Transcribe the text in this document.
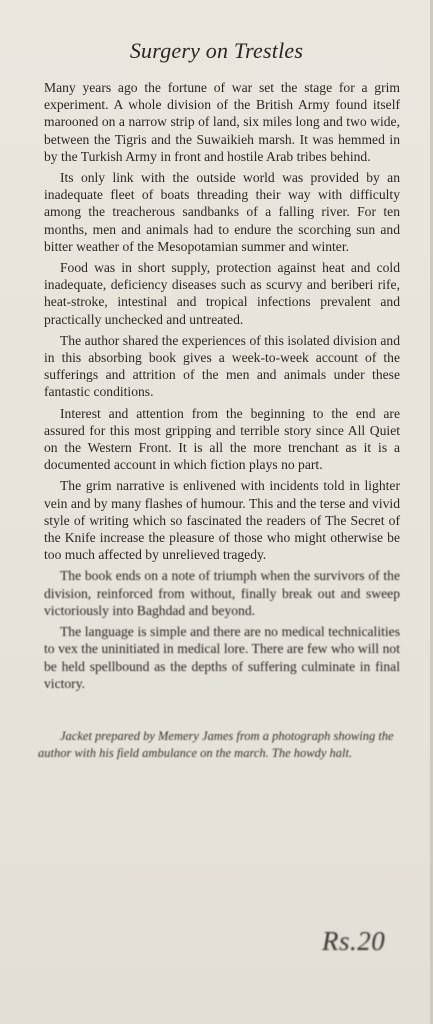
Surgery on Trestles

Many years ago the fortune of war set the stage for a grim experiment. A whole division of the British Army found itself marooned on a narrow strip of land, six miles long and two wide, between the Tigris and the Suwaikieh marsh. It was hemmed in by the Turkish Army in front and hostile Arab tribes behind.

Its only link with the outside world was provided by an inadequate fleet of boats threading their way with difficulty among the treacherous sandbanks of a falling river. For ten months, men and animals had to endure the scorching sun and bitter weather of the Mesopotamian summer and winter.

Food was in short supply, protection against heat and cold inadequate, deficiency diseases such as scurvy and beriberi rife, heat-stroke, intestinal and tropical infections prevalent and practically unchecked and untreated.

The author shared the experiences of this isolated division and in this absorbing book gives a week-to-week account of the sufferings and attrition of the men and animals under these fantastic conditions.

Interest and attention from the beginning to the end are assured for this most gripping and terrible story since All Quiet on the Western Front. It is all the more trenchant as it is a documented account in which fiction plays no part.

The grim narrative is enlivened with incidents told in lighter vein and by many flashes of humour. This and the terse and vivid style of writing which so fascinated the readers of The Secret of the Knife increase the pleasure of those who might otherwise be too much affected by unrelieved tragedy.

The book ends on a note of triumph when the survivors of the division, reinforced from without, finally break out and sweep victoriously into Baghdad and beyond.

The language is simple and there are no medical technicalities to vex the uninitiated in medical lore. There are few who will not be held spellbound as the depths of suffering culminate in final victory.

Jacket prepared by Memery James from a photograph showing the author with his field ambulance on the march. The howdy halt.

Rs.20
